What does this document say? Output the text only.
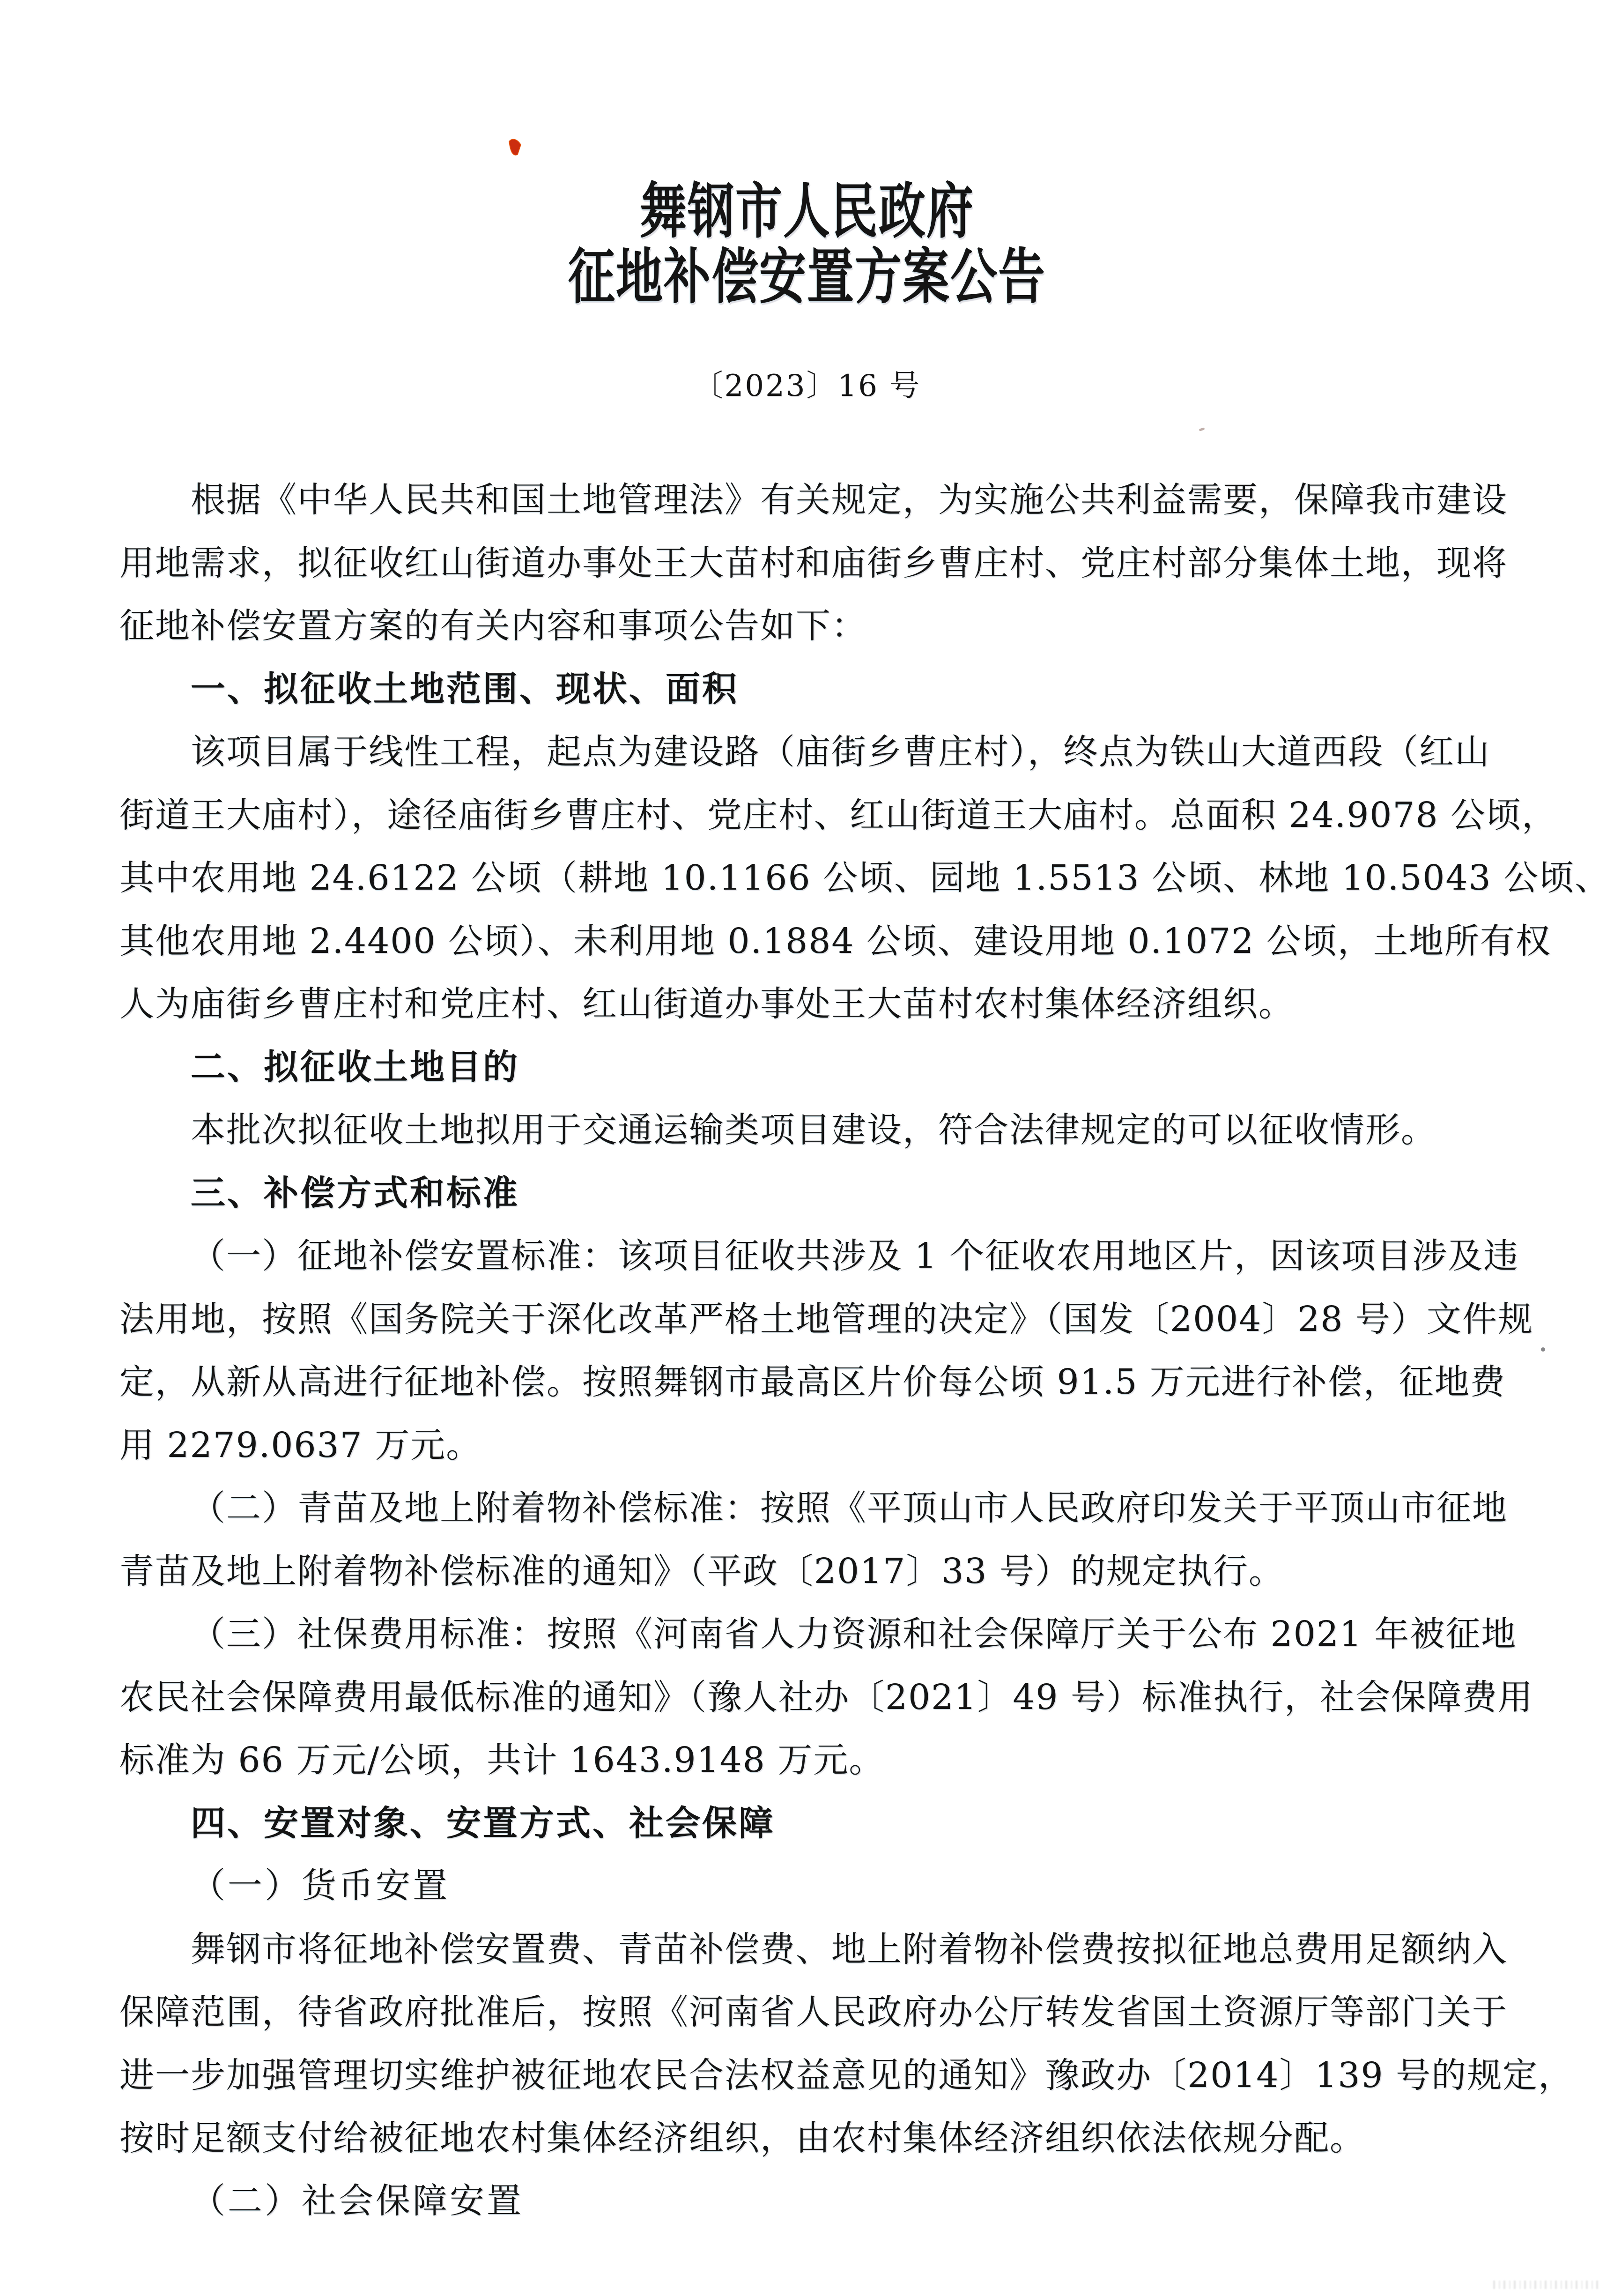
舞钢市人民政府
征地补偿安置方案公告
〔2023〕16 号
根据《中华人民共和国土地管理法》有关规定，为实施公共利益需要，保障我市建设
用地需求，拟征收红山街道办事处王大苗村和庙街乡曹庄村、党庄村部分集体土地，现将
征地补偿安置方案的有关内容和事项公告如下：
一、拟征收土地范围、现状、面积
该项目属于线性工程，起点为建设路（庙街乡曹庄村），终点为铁山大道西段（红山
街道王大庙村），途径庙街乡曹庄村、党庄村、红山街道王大庙村。总面积 24.9078 公顷，
其中农用地 24.6122 公顷（耕地 10.1166 公顷、园地 1.5513 公顷、林地 10.5043 公顷、
其他农用地 2.4400 公顷）、未利用地 0.1884 公顷、建设用地 0.1072 公顷，土地所有权
人为庙街乡曹庄村和党庄村、红山街道办事处王大苗村农村集体经济组织。
二、拟征收土地目的
本批次拟征收土地拟用于交通运输类项目建设，符合法律规定的可以征收情形。
三、补偿方式和标准
（一）征地补偿安置标准：该项目征收共涉及 1 个征收农用地区片，因该项目涉及违
法用地，按照《国务院关于深化改革严格土地管理的决定》（国发〔2004〕28 号）文件规
定，从新从高进行征地补偿。按照舞钢市最高区片价每公顷 91.5 万元进行补偿，征地费
用 2279.0637 万元。
（二）青苗及地上附着物补偿标准：按照《平顶山市人民政府印发关于平顶山市征地
青苗及地上附着物补偿标准的通知》（平政〔2017〕33 号）的规定执行。
（三）社保费用标准：按照《河南省人力资源和社会保障厅关于公布 2021 年被征地
农民社会保障费用最低标准的通知》（豫人社办〔2021〕49 号）标准执行，社会保障费用
标准为 66 万元/公顷，共计 1643.9148 万元。
四、安置对象、安置方式、社会保障
（一）货币安置
舞钢市将征地补偿安置费、青苗补偿费、地上附着物补偿费按拟征地总费用足额纳入
保障范围，待省政府批准后，按照《河南省人民政府办公厅转发省国土资源厅等部门关于
进一步加强管理切实维护被征地农民合法权益意见的通知》豫政办〔2014〕139 号的规定，
按时足额支付给被征地农村集体经济组织，由农村集体经济组织依法依规分配。
（二）社会保障安置
